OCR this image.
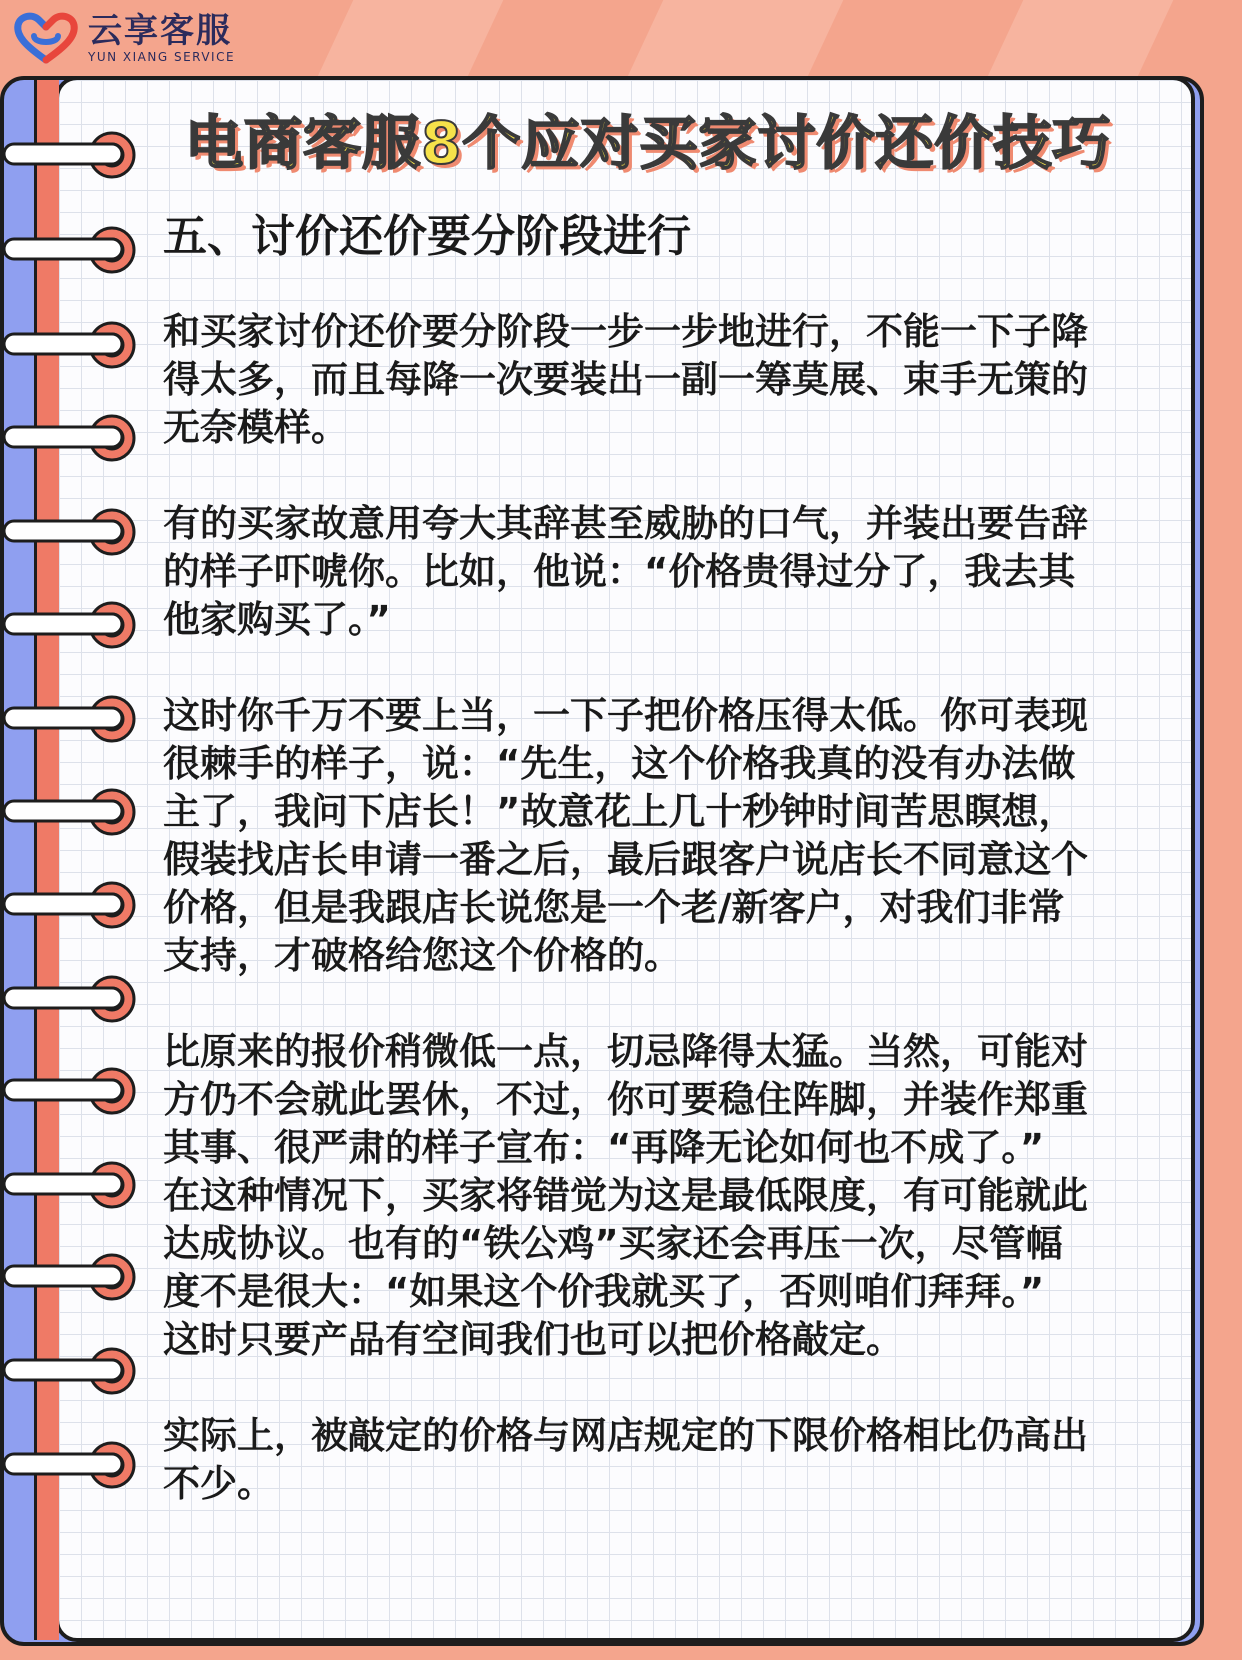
云享客服
YUN XIANG SERVICE
电商客服8个应对买家讨价还价技巧
五、讨价还价要分阶段进行

和买家讨价还价要分阶段一步一步地进行，不能一下子降
得太多，而且每降一次要装出一副一筹莫展、束手无策的
无奈模样。

有的买家故意用夸大其辞甚至威胁的口气，并装出要告辞
的样子吓唬你。比如，他说：“价格贵得过分了，我去其
他家购买了。”

这时你千万不要上当，一下子把价格压得太低。你可表现
很棘手的样子，说：“先生，这个价格我真的没有办法做
主了，我问下店长！”故意花上几十秒钟时间苦思瞑想，
假装找店长申请一番之后，最后跟客户说店长不同意这个
价格，但是我跟店长说您是一个老/新客户，对我们非常
支持，才破格给您这个价格的。

比原来的报价稍微低一点，切忌降得太猛。当然，可能对
方仍不会就此罢休，不过，你可要稳住阵脚，并装作郑重
其事、很严肃的样子宣布：“再降无论如何也不成了。”
在这种情况下，买家将错觉为这是最低限度，有可能就此
达成协议。也有的“铁公鸡”买家还会再压一次，尽管幅
度不是很大：“如果这个价我就买了，否则咱们拜拜。”
这时只要产品有空间我们也可以把价格敲定。

实际上，被敲定的价格与网店规定的下限价格相比仍高出
不少。
